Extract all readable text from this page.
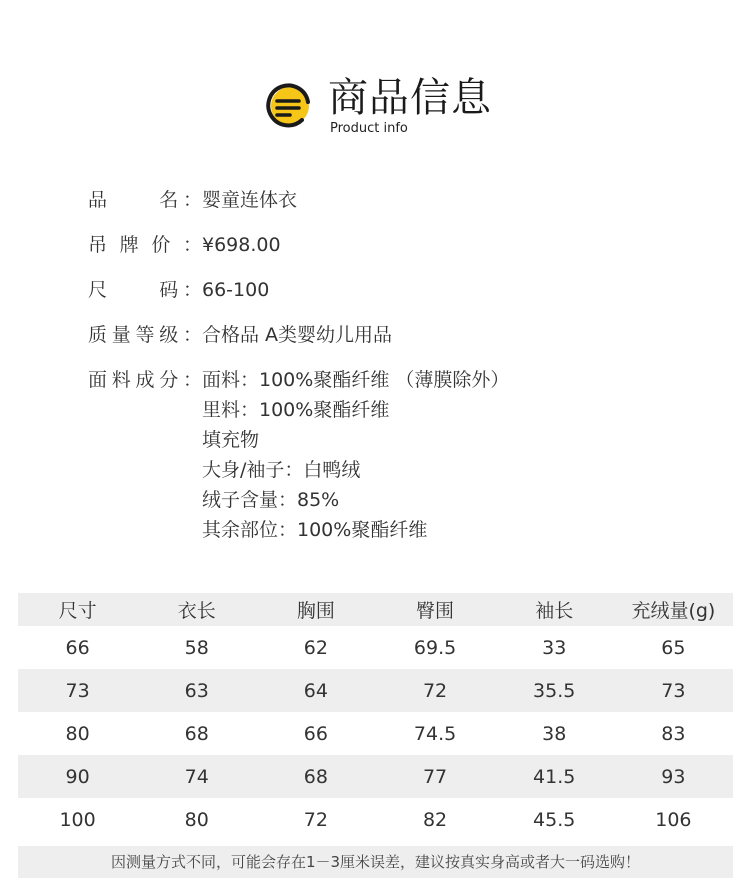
商品信息
Product info
品　　名： 婴童连体衣
吊牌价： ¥698.00
尺　　码： 66-100
质量等级： 合格品 A类婴幼儿用品
面料成分： 面料：100%聚酯纤维 （薄膜除外）
里料：100%聚酯纤维
填充物
大身/袖子：白鸭绒
绒子含量：85%
其余部位：100%聚酯纤维
尺寸	衣长	胸围	臀围	袖长	充绒量(g)
66	58	62	69.5	33	65
73	63	64	72	35.5	73
80	68	66	74.5	38	83
90	74	68	77	41.5	93
100	80	72	82	45.5	106
因测量方式不同，可能会存在1－3厘米误差，建议按真实身高或者大一码选购！
